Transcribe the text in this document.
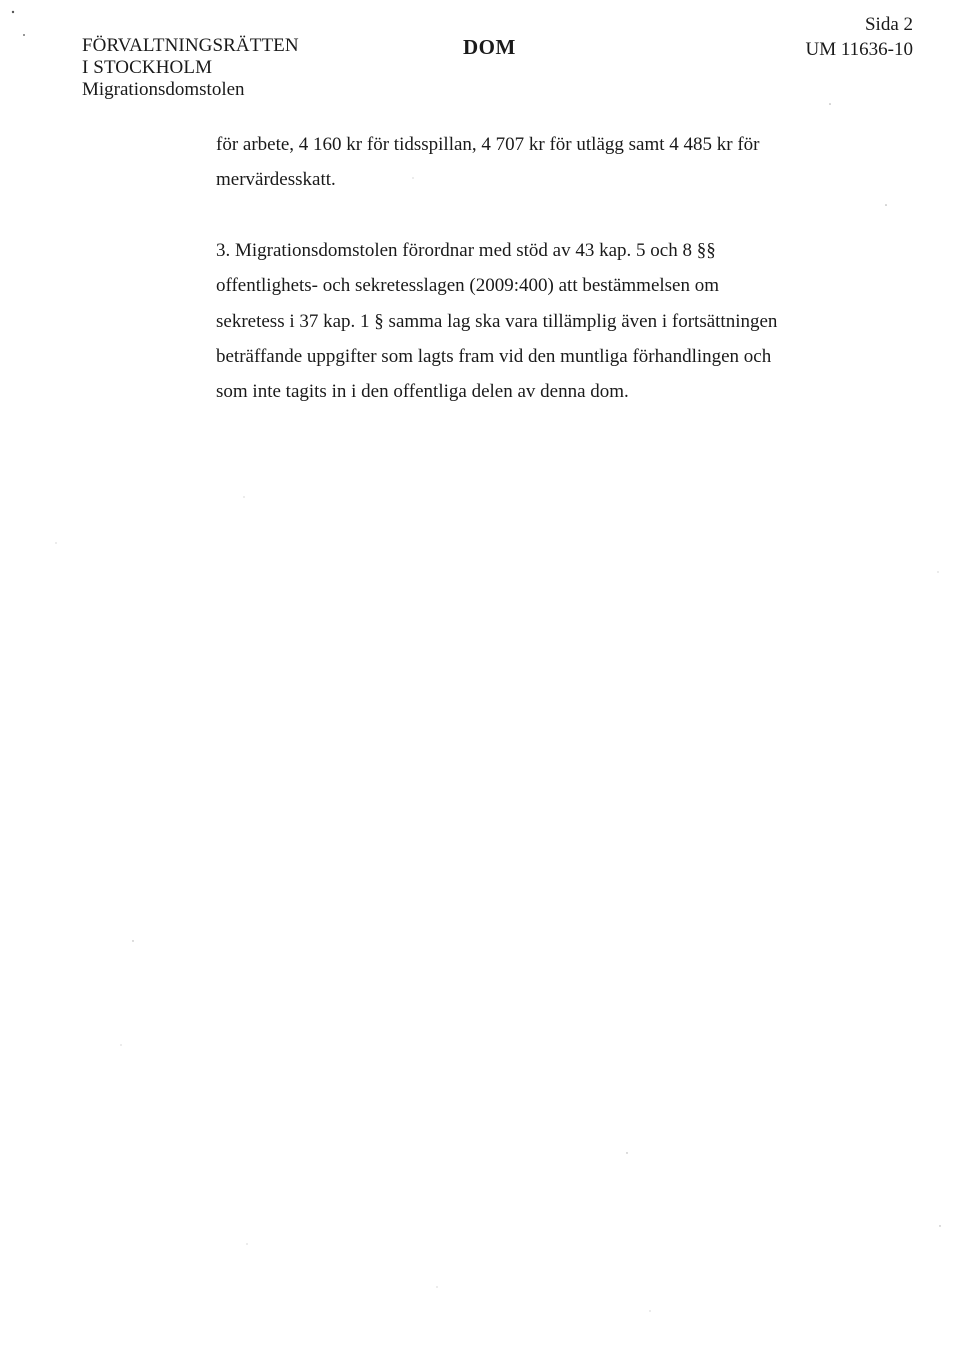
FÖRVALTNINGSRÄTTEN
I STOCKHOLM
Migrationsdomstolen
DOM
Sida 2
UM 11636-10
för arbete, 4 160 kr för tidsspillan, 4 707 kr för utlägg samt 4 485 kr för
mervärdesskatt.
3. Migrationsdomstolen förordnar med stöd av 43 kap. 5 och 8 §§
offentlighets- och sekretesslagen (2009:400) att bestämmelsen om
sekretess i 37 kap. 1 § samma lag ska vara tillämplig även i fortsättningen
beträffande uppgifter som lagts fram vid den muntliga förhandlingen och
som inte tagits in i den offentliga delen av denna dom.
